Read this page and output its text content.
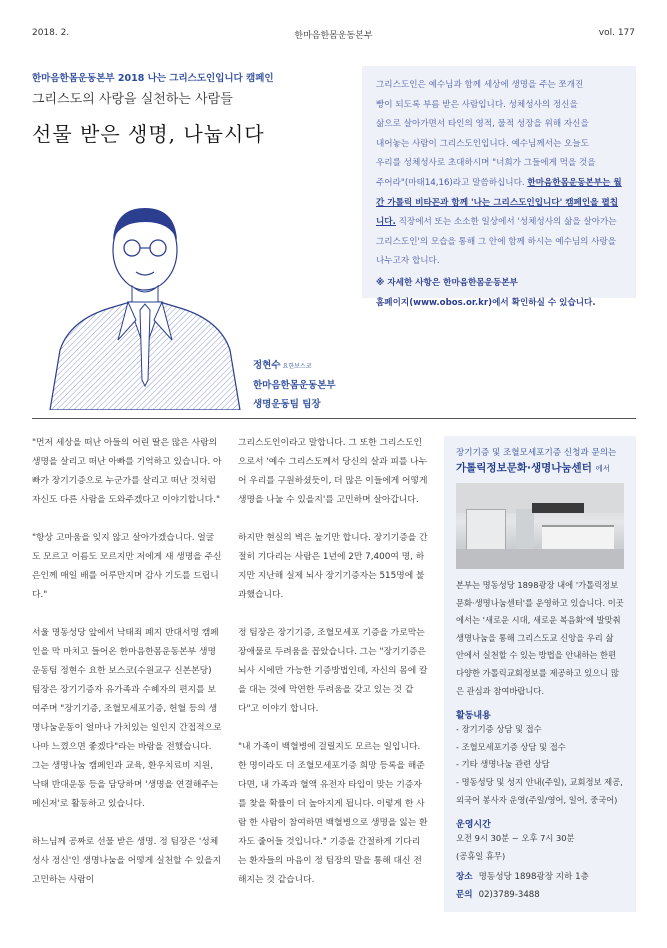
2018. 2.	한마음한몸운동본부	vol. 177
한마음한몸운동본부 2018 나는 그리스도인입니다 캠페인
그리스도의 사랑을 실천하는 사람들
선물 받은 생명, 나눕시다
그리스도인은 예수님과 함께 세상에 생명을 주는 쪼개진
빵이 되도록 부름 받은 사람입니다. 성체성사의 정신을
삶으로 살아가면서 타인의 영적, 물적 성장을 위해 자신을
내어놓는 사람이 그리스도인입니다. 예수님께서는 오늘도
우리를 성체성사로 초대하시며 "너희가 그들에게 먹을 것을
주어라"(마태14,16)라고 말씀하십니다. 한마음한몸운동본부는 월간 가톨릭 비타꼰과 함께 '나는 그리스도인입니다' 캠페인을 펼칩니다. 직장에서 또는 소소한 일상에서 '성체성사의 삶을 살아가는 그리스도인'의 모습을 통해 그 안에 함께 하시는 예수님의 사랑을 나누고자 합니다.
※ 자세한 사항은 한마음한몸운동본부
홈페이지(www.obos.or.kr)에서 확인하실 수 있습니다.
정현수 요한보스코
한마음한몸운동본부
생명운동팀 팀장

"먼저 세상을 떠난 아들의 어린 딸은 많은 사람의 생명을 살리고 떠난 아빠를 기억하고 있습니다. 아빠가 장기기증으로 누군가를 살리고 떠난 것처럼 자신도 다른 사람을 도와주겠다고 이야기합니다."

"항상 고마움을 잊지 않고 살아가겠습니다. 얼굴도 모르고 이름도 모르지만 저에게 새 생명을 주신 은인께 매일 배를 어루만지며 감사 기도를 드립니다."

서울 명동성당 앞에서 낙태죄 폐지 반대서명 캠페인을 막 마치고 들어온 한마음한몸운동본부 생명운동팀 정현수 요한 보스코(수원교구 신본본당) 팀장은 장기기증자 유가족과 수혜자의 편지를 보여주며 "장기기증, 조혈모세포기증, 헌혈 등의 생명나눔운동이 얼마나 가치있는 일인지 간접적으로나마 느꼈으면 좋겠다"라는 바람을 전했습니다. 그는 생명나눔 캠페인과 교육, 환우치료비 지원, 낙태 반대운동 등을 담당하며 '생명을 연결해주는 메신저'로 활동하고 있습니다.

하느님께 공짜로 선물 받은 생명. 정 팀장은 '성체성사 정신'인 생명나눔을 어떻게 실천할 수 있을지 고민하는 사람이

그리스도인이라고 말합니다. 그 또한 그리스도인으로서 '예수 그리스도께서 당신의 살과 피를 나누어 우리를 구원하셨듯이, 더 많은 이들에게 어떻게 생명을 나눌 수 있을지'를 고민하며 살아갑니다.

하지만 현실의 벽은 높기만 합니다. 장기기증을 간절히 기다리는 사람은 1년에 2만 7,400여 명, 하지만 지난해 실제 뇌사 장기기증자는 515명에 불과했습니다.

정 팀장은 장기기증, 조혈모세포 기증을 가로막는 장애물로 두려움을 꼽았습니다. 그는 "장기기증은 뇌사 시에만 가능한 기증방법인데, 자신의 몸에 칼을 대는 것에 막연한 두려움을 갖고 있는 것 같다"고 이야기 합니다.

"내 가족이 백혈병에 걸릴지도 모르는 일입니다. 한 명이라도 더 조혈모세포기증 희망 등록을 해준다면, 내 가족과 혈액 유전자 타입이 맞는 기증자를 찾을 확률이 더 높아지게 됩니다. 이렇게 한 사람 한 사람이 참여하면 백혈병으로 생명을 잃는 환자도 줄어들 것입니다." 기증을 간절하게 기다리는 환자들의 마음이 정 팀장의 말을 통해 대신 전해지는 것 같습니다.

장기기증 및 조혈모세포기증 신청과 문의는
가톨릭정보문화·생명나눔센터 에서
본부는 명동성당 1898광장 내에 '가톨릭정보문화·생명나눔센터'를 운영하고 있습니다. 이곳에서는 '새로운 시대, 새로운 복음화'에 발맞춰 생명나눔을 통해 그리스도교 신앙을 우리 삶 안에서 실천할 수 있는 방법을 안내하는 한편 다양한 가톨릭교회정보를 제공하고 있으니 많은 관심과 참여바랍니다.
활동내용
- 장기기증 상담 및 접수
- 조혈모세포기증 상담 및 접수
- 기타 생명나눔 관련 상담
- 명동성당 및 성지 안내(주일), 교회정보 제공,
외국어 봉사자 운영(주일/영어, 일어, 중국어)
운영시간
오전 9시 30분 ~ 오후 7시 30분
(공휴일 휴무)
장소 명동성당 1898광장 지하 1층
문의 02)3789-3488
